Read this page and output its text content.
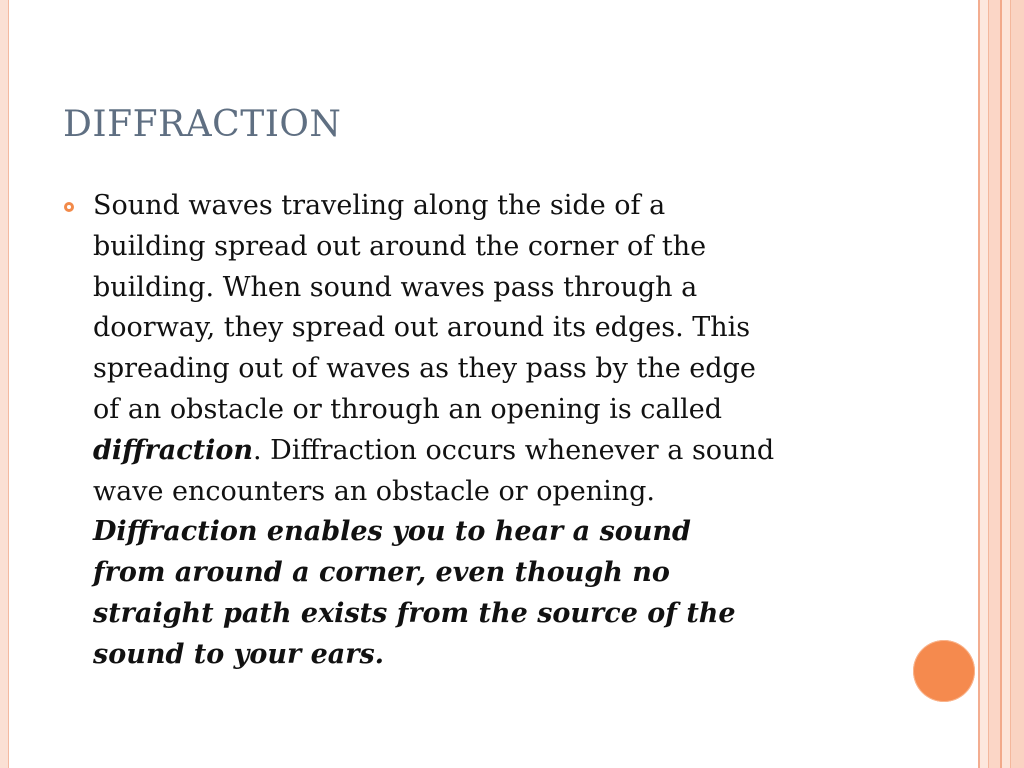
DIFFRACTION

Sound waves traveling along the side of a
building spread out around the corner of the
building. When sound waves pass through a
doorway, they spread out around its edges. This
spreading out of waves as they pass by the edge
of an obstacle or through an opening is called
diffraction. Diffraction occurs whenever a sound
wave encounters an obstacle or opening.
Diffraction enables you to hear a sound
from around a corner, even though no
straight path exists from the source of the
sound to your ears.
